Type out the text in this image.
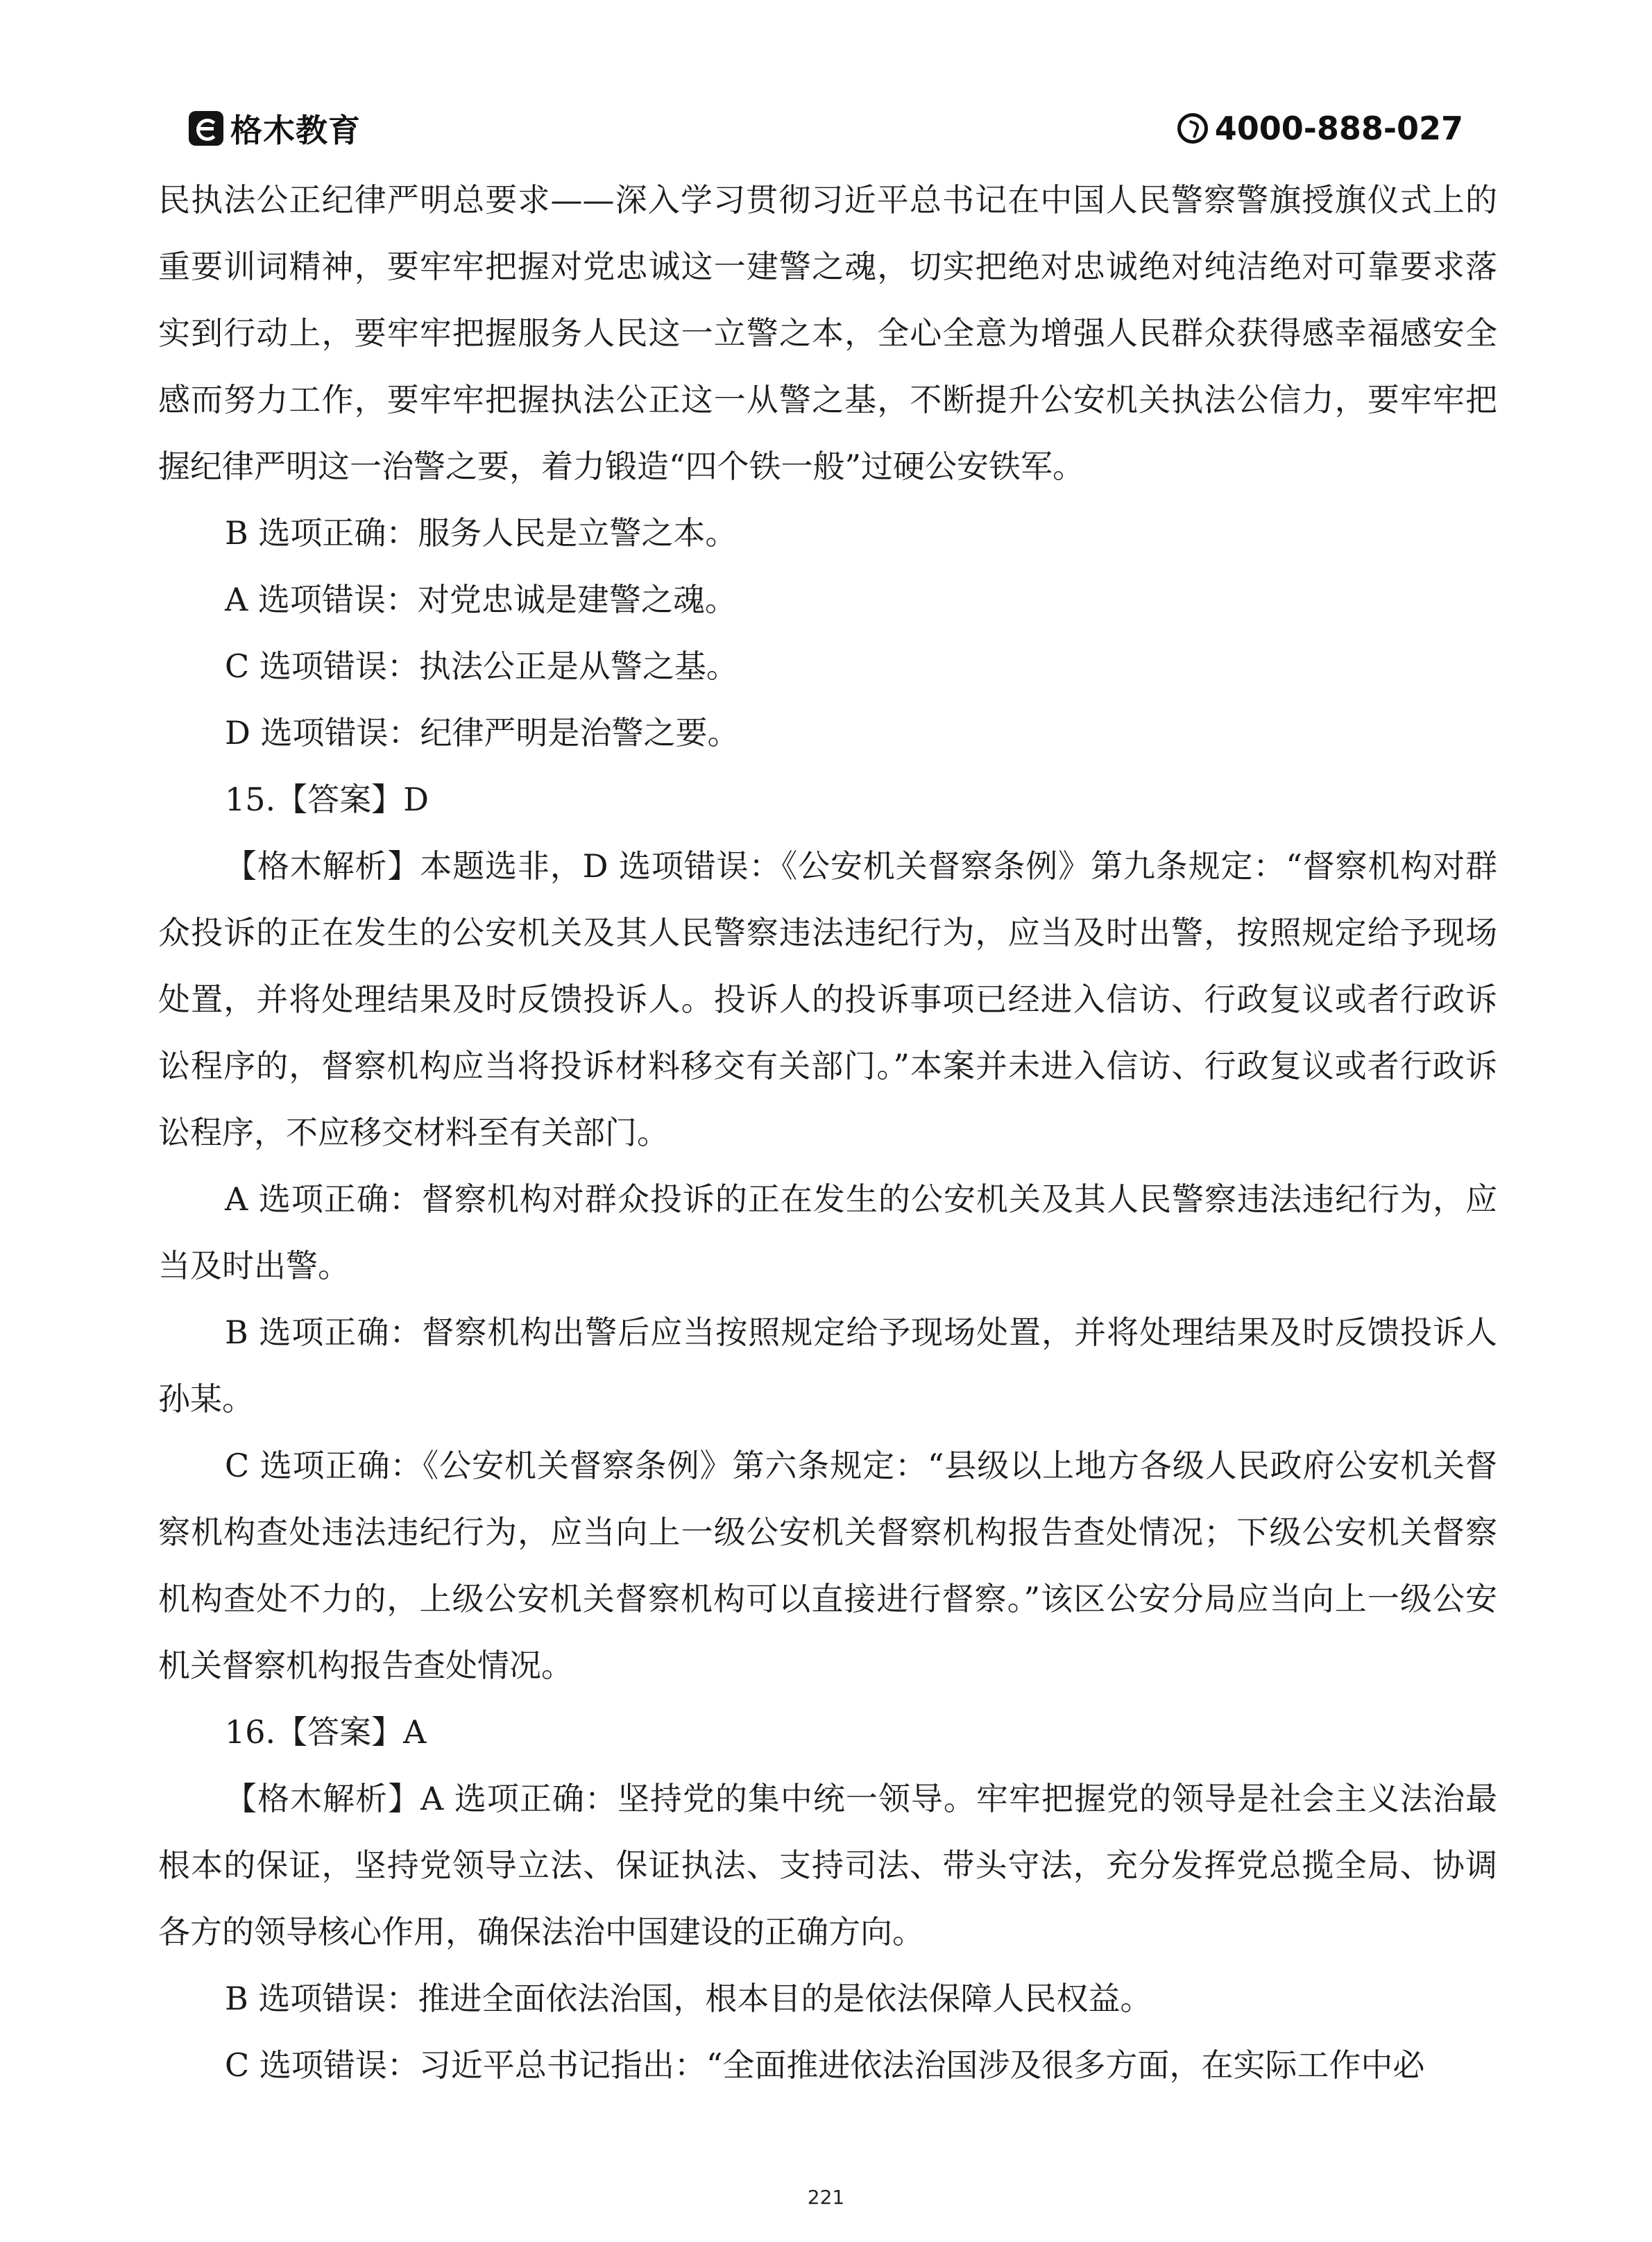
格木教育	4000-888-027

民执法公正纪律严明总要求——深入学习贯彻习近平总书记在中国人民警察警旗授旗仪式上的重要训词精神，要牢牢把握对党忠诚这一建警之魂，切实把绝对忠诚绝对纯洁绝对可靠要求落实到行动上，要牢牢把握服务人民这一立警之本，全心全意为增强人民群众获得感幸福感安全感而努力工作，要牢牢把握执法公正这一从警之基，不断提升公安机关执法公信力，要牢牢把握纪律严明这一治警之要，着力锻造“四个铁一般”过硬公安铁军。

B 选项正确：服务人民是立警之本。

A 选项错误：对党忠诚是建警之魂。

C 选项错误：执法公正是从警之基。

D 选项错误：纪律严明是治警之要。

15.【答案】D

【格木解析】本题选非，D 选项错误：《公安机关督察条例》第九条规定：“督察机构对群众投诉的正在发生的公安机关及其人民警察违法违纪行为，应当及时出警，按照规定给予现场处置，并将处理结果及时反馈投诉人。投诉人的投诉事项已经进入信访、行政复议或者行政诉讼程序的，督察机构应当将投诉材料移交有关部门。”本案并未进入信访、行政复议或者行政诉讼程序，不应移交材料至有关部门。

A 选项正确：督察机构对群众投诉的正在发生的公安机关及其人民警察违法违纪行为，应当及时出警。

B 选项正确：督察机构出警后应当按照规定给予现场处置，并将处理结果及时反馈投诉人孙某。

C 选项正确：《公安机关督察条例》第六条规定：“县级以上地方各级人民政府公安机关督察机构查处违法违纪行为，应当向上一级公安机关督察机构报告查处情况；下级公安机关督察机构查处不力的，上级公安机关督察机构可以直接进行督察。”该区公安分局应当向上一级公安机关督察机构报告查处情况。

16.【答案】A

【格木解析】A 选项正确：坚持党的集中统一领导。牢牢把握党的领导是社会主义法治最根本的保证，坚持党领导立法、保证执法、支持司法、带头守法，充分发挥党总揽全局、协调各方的领导核心作用，确保法治中国建设的正确方向。

B 选项错误：推进全面依法治国，根本目的是依法保障人民权益。

C 选项错误：习近平总书记指出：“全面推进依法治国涉及很多方面，在实际工作中必

221
